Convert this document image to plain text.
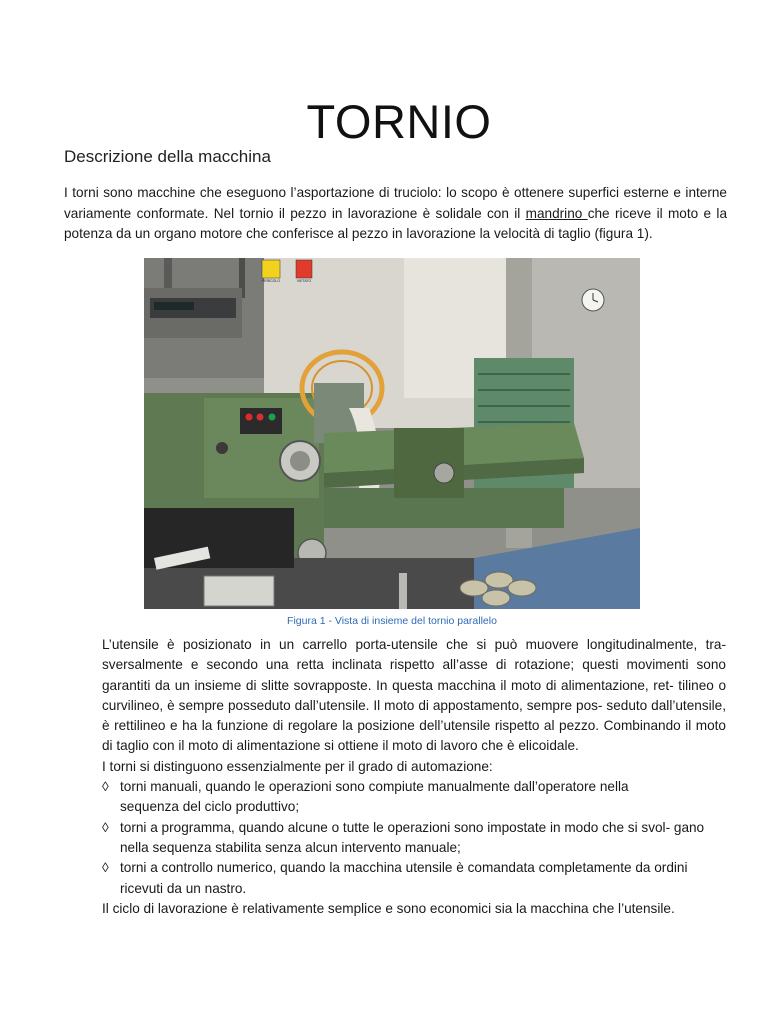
TORNIO
Descrizione della macchina
I torni sono macchine che eseguono l’asportazione di truciolo: lo scopo è ottenere superfici esterne e interne variamente conformate. Nel tornio il pezzo in lavorazione è solidale con il mandrino che riceve il moto e la potenza da un organo motore che conferisce al pezzo in lavorazione la velocità di taglio (figura 1).
PERICOLO	VIETATO
Figura 1 - Vista di insieme del tornio parallelo

L’utensile è posizionato in un carrello porta-utensile che si può muovere longitudinalmente, tra-sversalmente e secondo una retta inclinata rispetto all’asse di rotazione; questi movimenti sono garantiti da un insieme di slitte sovrapposte. In questa macchina il moto di alimentazione, ret- tilineo o curvilineo, è sempre posseduto dall’utensile. Il moto di appostamento, sempre pos- seduto dall’utensile, è rettilineo e ha la funzione di regolare la posizione dell’utensile rispetto al pezzo. Combinando il moto di taglio con il moto di alimentazione si ottiene il moto di lavoro che è elicoidale.

I torni si distinguono essenzialmente per il grado di automazione:

◊ torni manuali, quando le operazioni sono compiute manualmente dall’operatore nella
sequenza del ciclo produttivo;
◊ torni a programma, quando alcune o tutte le operazioni sono impostate in modo che si svol- gano
nella sequenza stabilita senza alcun intervento manuale;
◊ torni a controllo numerico, quando la macchina utensile è comandata completamente da ordini
ricevuti da un nastro.

Il ciclo di lavorazione è relativamente semplice e sono economici sia la macchina che l’utensile.
